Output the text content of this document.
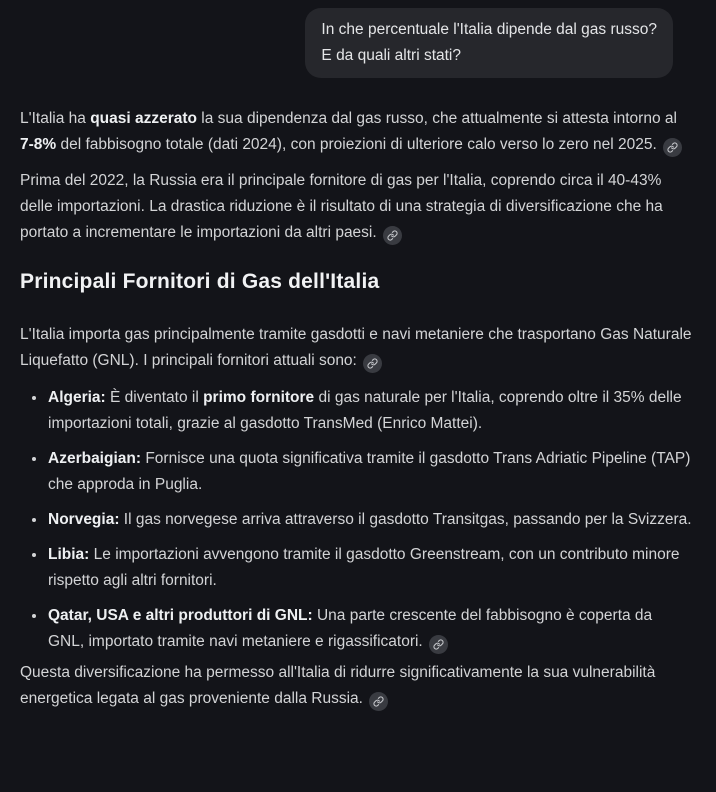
In che percentuale l'Italia dipende dal gas russo?
E da quali altri stati?

L'Italia ha quasi azzerato la sua dipendenza dal gas russo, che attualmente si attesta intorno al 7-8% del fabbisogno totale (dati 2024), con proiezioni di ulteriore calo verso lo zero nel 2025.

Prima del 2022, la Russia era il principale fornitore di gas per l'Italia, coprendo circa il 40-43% delle importazioni. La drastica riduzione è il risultato di una strategia di diversificazione che ha portato a incrementare le importazioni da altri paesi.

Principali Fornitori di Gas dell'Italia

L'Italia importa gas principalmente tramite gasdotti e navi metaniere che trasportano Gas Naturale Liquefatto (GNL). I principali fornitori attuali sono:

• Algeria: È diventato il primo fornitore di gas naturale per l'Italia, coprendo oltre il 35% delle importazioni totali, grazie al gasdotto TransMed (Enrico Mattei).
• Azerbaigian: Fornisce una quota significativa tramite il gasdotto Trans Adriatic Pipeline (TAP) che approda in Puglia.
• Norvegia: Il gas norvegese arriva attraverso il gasdotto Transitgas, passando per la Svizzera.
• Libia: Le importazioni avvengono tramite il gasdotto Greenstream, con un contributo minore rispetto agli altri fornitori.
• Qatar, USA e altri produttori di GNL: Una parte crescente del fabbisogno è coperta da GNL, importato tramite navi metaniere e rigassificatori.

Questa diversificazione ha permesso all'Italia di ridurre significativamente la sua vulnerabilità energetica legata al gas proveniente dalla Russia.
